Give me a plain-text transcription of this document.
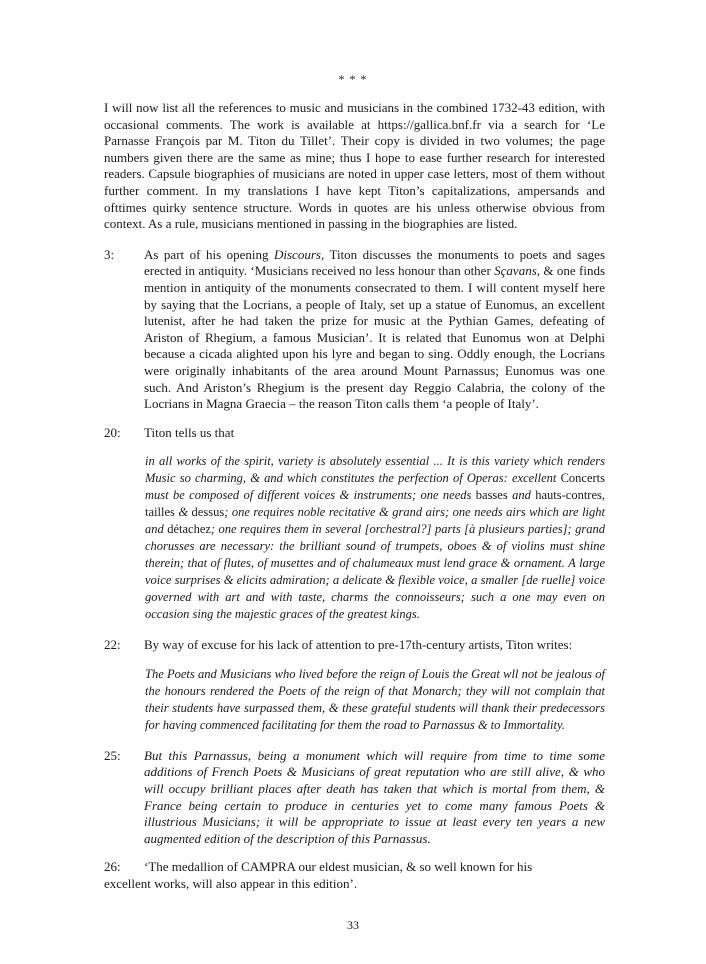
* * *

I will now list all the references to music and musicians in the combined 1732-43 edition, with occasional comments. The work is available at https://gallica.bnf.fr via a search for ‘Le Parnasse François par M. Titon du Tillet’. Their copy is divided in two volumes; the page numbers given there are the same as mine; thus I hope to ease further research for interested readers. Capsule biographies of musicians are noted in upper case letters, most of them without further comment. In my translations I have kept Titon’s capitalizations, ampersands and ofttimes quirky sentence structure. Words in quotes are his unless otherwise obvious from context. As a rule, musicians mentioned in passing in the biographies are listed.

3:	As part of his opening Discours, Titon discusses the monuments to poets and sages erected in antiquity. ‘Musicians received no less honour than other Sçavans, & one finds mention in antiquity of the monuments consecrated to them. I will content myself here by saying that the Locrians, a people of Italy, set up a statue of Eunomus, an excellent lutenist, after he had taken the prize for music at the Pythian Games, defeating of Ariston of Rhegium, a famous Musician’. It is related that Eunomus won at Delphi because a cicada alighted upon his lyre and began to sing. Oddly enough, the Locrians were originally inhabitants of the area around Mount Parnassus; Eunomus was one such. And Ariston’s Rhegium is the present day Reggio Calabria, the colony of the Locrians in Magna Graecia – the reason Titon calls them ‘a people of Italy’.
20:	Titon tells us that

in all works of the spirit, variety is absolutely essential ... It is this variety which renders Music so charming, & and which constitutes the perfection of Operas: excellent Concerts must be composed of different voices & instruments; one needs basses and hauts-contres, tailles & dessus; one requires noble recitative & grand airs; one needs airs which are light and détachez; one requires them in several [orchestral?] parts [à plusieurs parties]; grand chorusses are necessary: the brilliant sound of trumpets, oboes & of violins must shine therein; that of flutes, of musettes and of chalumeaux must lend grace & ornament. A large voice surprises & elicits admiration; a delicate & flexible voice, a smaller [de ruelle] voice governed with art and with taste, charms the connoisseurs; such a one may even on occasion sing the majestic graces of the greatest kings.

22:	By way of excuse for his lack of attention to pre-17th-century artists, Titon writes:

The Poets and Musicians who lived before the reign of Louis the Great wll not be jealous of the honours rendered the Poets of the reign of that Monarch; they will not complain that their students have surpassed them, & these grateful students will thank their predecessors for having commenced facilitating for them the road to Parnassus & to Immortality.

25:	But this Parnassus, being a monument which will require from time to time some additions of French Poets & Musicians of great reputation who are still alive, & who will occupy brilliant places after death has taken that which is mortal from them, & France being certain to produce in centuries yet to come many famous Poets & illustrious Musicians; it will be appropriate to issue at least every ten years a new augmented edition of the description of this Parnassus.
26:	‘The medallion of CAMPRA our eldest musician, & so well known for his

excellent works, will also appear in this edition’.

33
